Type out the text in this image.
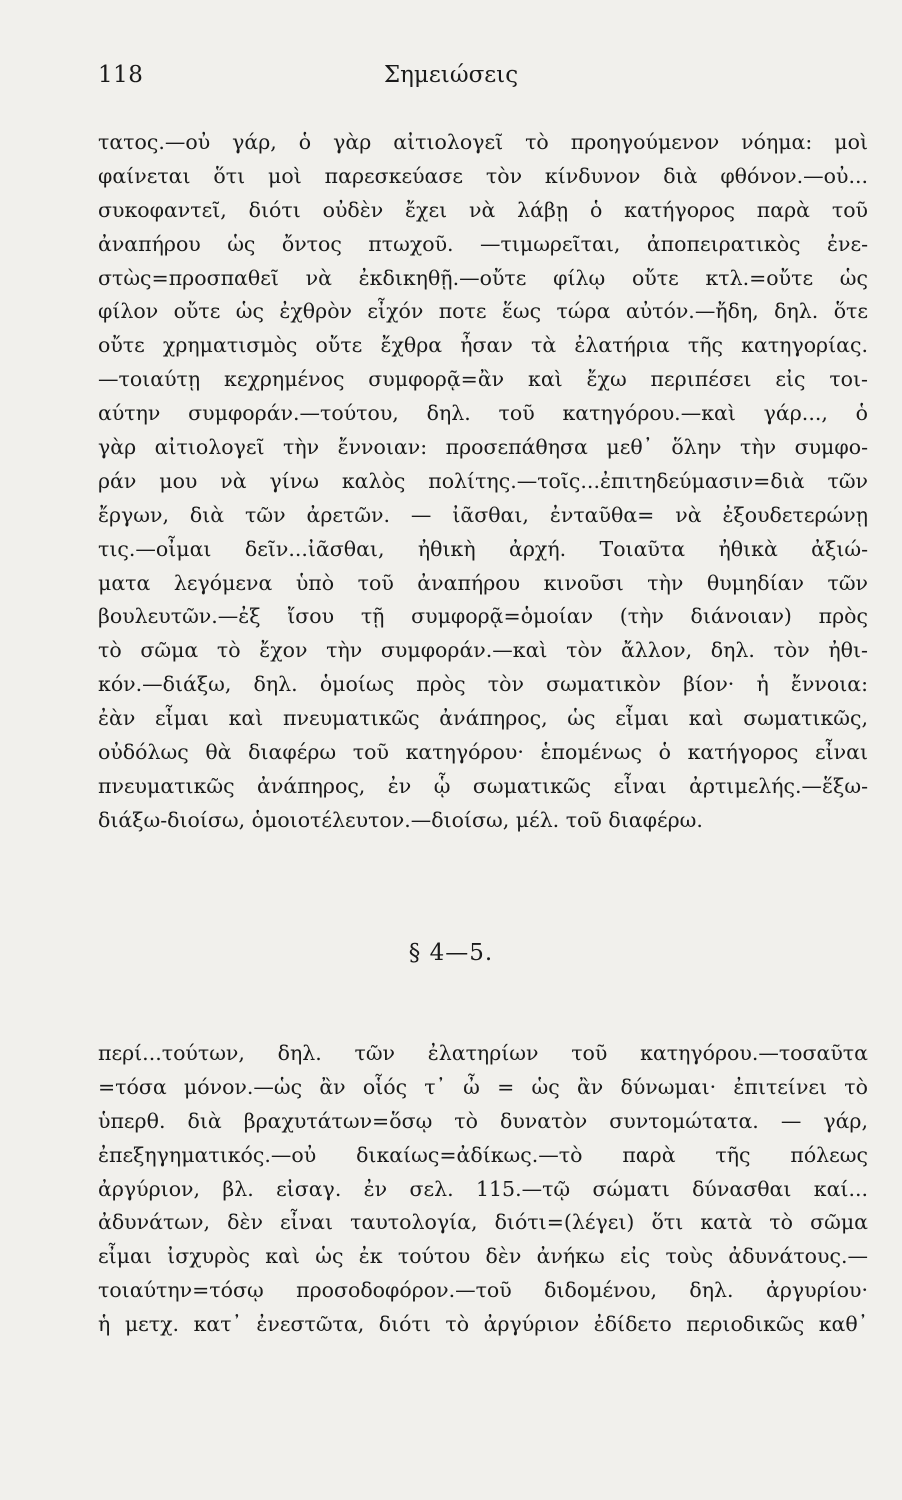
118	Σημειώσεις
τατος.—οὐ γάρ, ὁ γὰρ αἰτιολογεῖ τὸ προηγούμενον νόημα: μοὶ
φαίνεται ὅτι μοὶ παρεσκεύασε τὸν κίνδυνον διὰ φθόνον.—οὐ...
συκοφαντεῖ, διότι οὐδὲν ἔχει νὰ λάβῃ ὁ κατήγορος παρὰ τοῦ
ἀναπήρου ὡς ὄντος πτωχοῦ. —τιμωρεῖται, ἀποπειρατικὸς ἐνε-
στὼς=προσπαθεῖ νὰ ἐκδικηθῇ.—οὔτε φίλῳ οὔτε κτλ.=οὔτε ὡς
φίλον οὔτε ὡς ἐχθρὸν εἶχόν ποτε ἕως τώρα αὐτόν.—ἤδη, δηλ. ὅτε
οὔτε χρηματισμὸς οὔτε ἔχθρα ἦσαν τὰ ἐλατήρια τῆς κατηγορίας.
—τοιαύτῃ κεχρημένος συμφορᾷ=ἂν καὶ ἔχω περιπέσει εἰς τοι-
αύτην συμφοράν.—τούτου, δηλ. τοῦ κατηγόρου.—καὶ γάρ..., ὁ
γὰρ αἰτιολογεῖ τὴν ἔννοιαν: προσεπάθησα μεθ᾿ ὅλην τὴν συμφο-
ράν μου νὰ γίνω καλὸς πολίτης.—τοῖς...ἐπιτηδεύμασιν=διὰ τῶν
ἔργων, διὰ τῶν ἀρετῶν. — ἰᾶσθαι, ἐνταῦθα= νὰ ἐξουδετερώνῃ
τις.—οἶμαι δεῖν...ἰᾶσθαι, ἠθικὴ ἀρχή. Τοιαῦτα ἠθικὰ ἀξιώ-
ματα λεγόμενα ὑπὸ τοῦ ἀναπήρου κινοῦσι τὴν θυμηδίαν τῶν
βουλευτῶν.—ἐξ ἴσου τῇ συμφορᾷ=ὁμοίαν (τὴν διάνοιαν) πρὸς
τὸ σῶμα τὸ ἔχον τὴν συμφοράν.—καὶ τὸν ἄλλον, δηλ. τὸν ἠθι-
κόν.—διάξω, δηλ. ὁμοίως πρὸς τὸν σωματικὸν βίον· ἡ ἔννοια:
ἐὰν εἶμαι καὶ πνευματικῶς ἀνάπηρος, ὡς εἶμαι καὶ σωματικῶς,
οὐδόλως θὰ διαφέρω τοῦ κατηγόρου· ἑπομένως ὁ κατήγορος εἶναι
πνευματικῶς ἀνάπηρος, ἐν ᾧ σωματικῶς εἶναι ἀρτιμελής.—ἕξω-
διάξω-διοίσω, ὁμοιοτέλευτον.—διοίσω, μέλ. τοῦ διαφέρω.
§ 4—5.
περί...τούτων, δηλ. τῶν ἐλατηρίων τοῦ κατηγόρου.—τοσαῦτα
=τόσα μόνον.—ὡς ἂν οἷός τ᾿ ὦ = ὡς ἂν δύνωμαι· ἐπιτείνει τὸ
ὑπερθ. διὰ βραχυτάτων=ὅσῳ τὸ δυνατὸν συντομώτατα. — γάρ,
ἐπεξηγηματικός.—οὐ δικαίως=ἀδίκως.—τὸ παρὰ τῆς πόλεως
ἀργύριον, βλ. εἰσαγ. ἐν σελ. 115.—τῷ σώματι δύνασθαι καί...
ἀδυνάτων, δὲν εἶναι ταυτολογία, διότι=(λέγει) ὅτι κατὰ τὸ σῶμα
εἶμαι ἰσχυρὸς καὶ ὡς ἐκ τούτου δὲν ἀνήκω εἰς τοὺς ἀδυνάτους.—
τοιαύτην=τόσῳ προσοδοφόρον.—τοῦ διδομένου, δηλ. ἀργυρίου·
ἡ μετχ. κατ᾿ ἐνεστῶτα, διότι τὸ ἀργύριον ἐδίδετο περιοδικῶς καθ᾿
